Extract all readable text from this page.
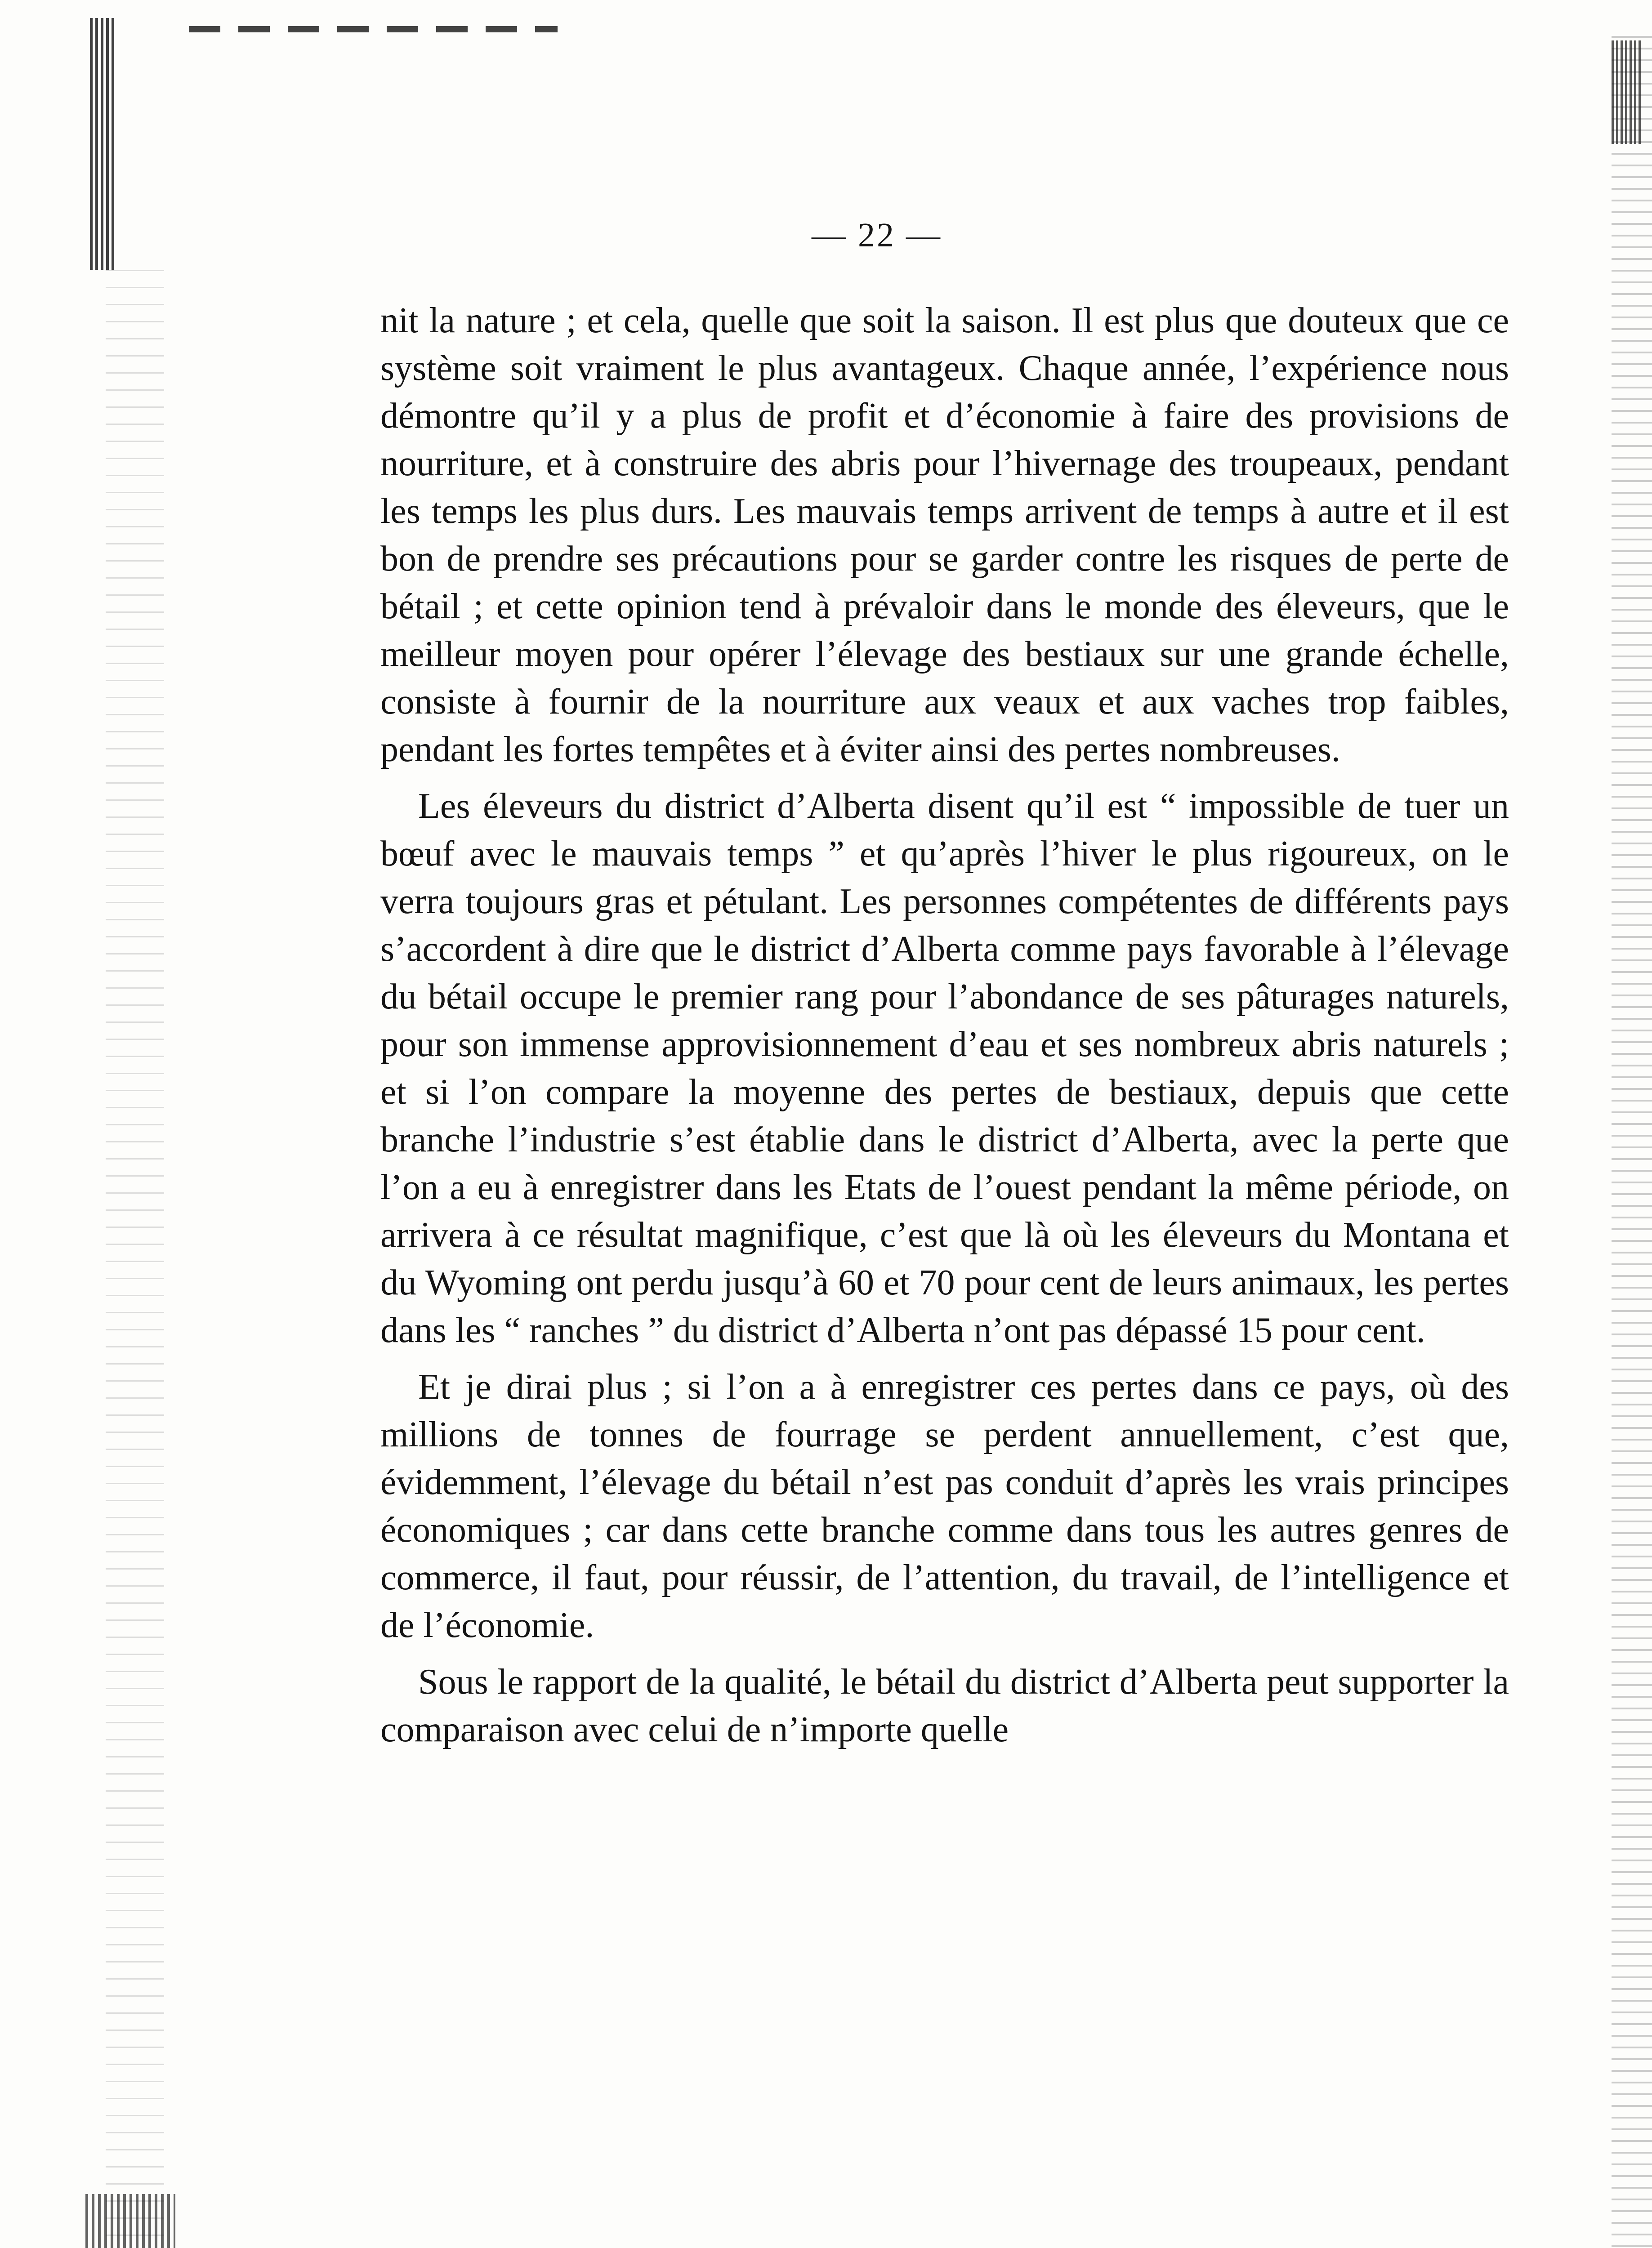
— 22 —

nit la nature ; et cela, quelle que soit la saison. Il est plus que douteux que ce système soit vraiment le plus avantageux. Chaque année, l’expérience nous démontre qu’il y a plus de profit et d’économie à faire des provisions de nourriture, et à construire des abris pour l’hivernage des troupeaux, pendant les temps les plus durs. Les mauvais temps arrivent de temps à autre et il est bon de prendre ses précautions pour se garder contre les risques de perte de bétail ; et cette opinion tend à prévaloir dans le monde des éleveurs, que le meilleur moyen pour opérer l’élevage des bestiaux sur une grande échelle, consiste à fournir de la nourriture aux veaux et aux vaches trop faibles, pendant les fortes tempêtes et à éviter ainsi des pertes nombreuses.

Les éleveurs du district d’Alberta disent qu’il est “ impossible de tuer un bœuf avec le mauvais temps ” et qu’après l’hiver le plus rigoureux, on le verra toujours gras et pétulant. Les personnes compétentes de différents pays s’accordent à dire que le district d’Alberta comme pays favorable à l’élevage du bétail occupe le premier rang pour l’abondance de ses pâturages naturels, pour son immense approvisionnement d’eau et ses nombreux abris naturels ; et si l’on compare la moyenne des pertes de bestiaux, depuis que cette branche l’industrie s’est établie dans le district d’Alberta, avec la perte que l’on a eu à enregistrer dans les Etats de l’ouest pendant la même période, on arrivera à ce résultat magnifique, c’est que là où les éleveurs du Montana et du Wyoming ont perdu jusqu’à 60 et 70 pour cent de leurs animaux, les pertes dans les “ ranches ” du district d’Alberta n’ont pas dépassé 15 pour cent.

Et je dirai plus ; si l’on a à enregistrer ces pertes dans ce pays, où des millions de tonnes de fourrage se perdent annuellement, c’est que, évidemment, l’élevage du bétail n’est pas conduit d’après les vrais principes économiques ; car dans cette branche comme dans tous les autres genres de commerce, il faut, pour réussir, de l’attention, du travail, de l’intelligence et de l’économie.

Sous le rapport de la qualité, le bétail du district d’Alberta peut supporter la comparaison avec celui de n’importe quelle
